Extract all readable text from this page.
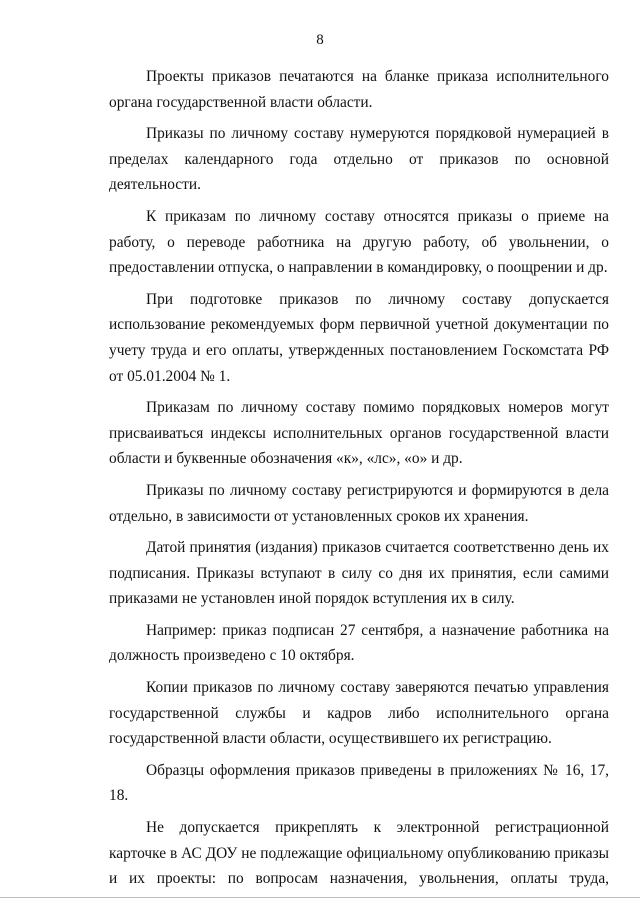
8

Проекты приказов печатаются на бланке приказа исполнительного органа государственной власти области.

Приказы по личному составу нумеруются порядковой нумерацией в пределах календарного года отдельно от приказов по основной деятельности.

К приказам по личному составу относятся приказы о приеме на работу, о переводе работника на другую работу, об увольнении, о предоставлении отпуска, о направлении в командировку, о поощрении и др.

При подготовке приказов по личному составу допускается использование рекомендуемых форм первичной учетной документации по учету труда и его оплаты, утвержденных постановлением Госкомстата РФ от 05.01.2004 № 1.

Приказам по личному составу помимо порядковых номеров могут присваиваться индексы исполнительных органов государственной власти области и буквенные обозначения «к», «лс», «о» и др.

Приказы по личному составу регистрируются и формируются в дела отдельно, в зависимости от установленных сроков их хранения.

Датой принятия (издания) приказов считается соответственно день их подписания. Приказы вступают в силу со дня их принятия, если самими приказами не установлен иной порядок вступления их в силу.

Например: приказ подписан 27 сентября, а назначение работника на должность произведено с 10 октября.

Копии приказов по личному составу заверяются печатью управления государственной службы и кадров либо исполнительного органа государственной власти области, осуществившего их регистрацию.

Образцы оформления приказов приведены в приложениях № 16, 17, 18.

Не допускается прикреплять к электронной регистрационной карточке в АС ДОУ не подлежащие официальному опубликованию приказы и их проекты: по вопросам назначения, увольнения, оплаты труда,
